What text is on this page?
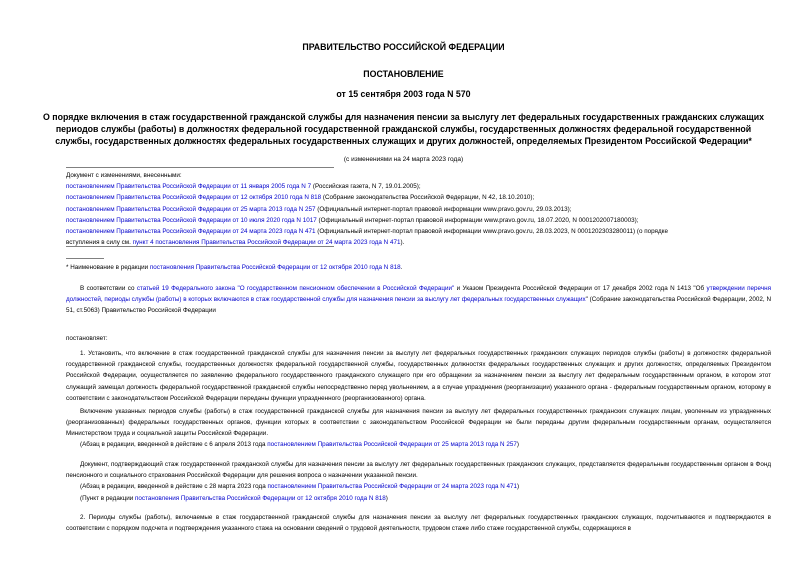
ПРАВИТЕЛЬСТВО РОССИЙСКОЙ ФЕДЕРАЦИИ
ПОСТАНОВЛЕНИЕ
от 15 сентября 2003 года N 570
О порядке включения в стаж государственной гражданской службы для назначения пенсии за выслугу лет федеральных государственных гражданских служащих периодов службы (работы) в должностях федеральной государственной гражданской службы, государственных должностях федеральной государственной службы, государственных должностях федеральных государственных служащих и других должностей, определяемых Президентом Российской Федерации*
(с изменениями на 24 марта 2023 года)
Документ с изменениями, внесенными:
постановлением Правительства Российской Федерации от 11 января 2005 года N 7 (Российская газета, N 7, 19.01.2005);
постановлением Правительства Российской Федерации от 12 октября 2010 года N 818 (Собрание законодательства Российской Федерации, N 42, 18.10.2010);
постановлением Правительства Российской Федерации от 25 марта 2013 года N 257 (Официальный интернет-портал правовой информации www.pravo.gov.ru, 29.03.2013);
постановлением Правительства Российской Федерации от 10 июля 2020 года N 1017 (Официальный интернет-портал правовой информации www.pravo.gov.ru, 18.07.2020, N 0001202007180003);
постановлением Правительства Российской Федерации от 24 марта 2023 года N 471 (Официальный интернет-портал правовой информации www.pravo.gov.ru, 28.03.2023, N 0001202303280011) (о порядке
вступления в силу см. пункт 4 постановления Правительства Российской Федерации от 24 марта 2023 года N 471).
* Наименование в редакции постановления Правительства Российской Федерации от 12 октября 2010 года N 818.
В соответствии со статьей 19 Федерального закона "О государственном пенсионном обеспечении в Российской Федерации" и Указом Президента Российской Федерации от 17 декабря 2002 года N 1413 "Об утверждении перечня должностей, периоды службы (работы) в которых включаются в стаж государственной службы для назначения пенсии за выслугу лет федеральных государственных служащих" (Собрание законодательства Российской Федерации, 2002, N 51, ст.5063) Правительство Российской Федерации
постановляет:
1. Установить, что включение в стаж государственной гражданской службы для назначения пенсии за выслугу лет федеральных государственных гражданских служащих периодов службы (работы) в должностях федеральной государственной гражданской службы, государственных должностях федеральной государственной службы, государственных должностях федеральных государственных служащих и других должностях, определяемых Президентом Российской Федерации, осуществляется по заявлению федерального государственного гражданского служащего при его обращении за назначением пенсии за выслугу лет федеральным государственным органом, в котором этот служащий замещал должность федеральной государственной гражданской службы непосредственно перед увольнением, а в случае упразднения (реорганизации) указанного органа - федеральным государственным органом, которому в соответствии с законодательством Российской Федерации переданы функции упраздненного (реорганизованного) органа.
Включение указанных периодов службы (работы) в стаж государственной гражданской службы для назначения пенсии за выслугу лет федеральных государственных гражданских служащих лицам, уволенным из упраздненных (реорганизованных) федеральных государственных органов, функции которых в соответствии с законодательством Российской Федерации не были переданы другим федеральным государственным органам, осуществляется Министерством труда и социальной защиты Российской Федерации.
(Абзац в редакции, введенной в действие с 6 апреля 2013 года постановлением Правительства Российской Федерации от 25 марта 2013 года N 257)
Документ, подтверждающий стаж государственной гражданской службы для назначения пенсии за выслугу лет федеральных государственных гражданских служащих, представляется федеральным государственным органом в Фонд пенсионного и социального страхования Российской Федерации для решения вопроса о назначении указанной пенсии.
(Абзац в редакции, введенной в действие с 28 марта 2023 года постановлением Правительства Российской Федерации от 24 марта 2023 года N 471)
(Пункт в редакции постановления Правительства Российской Федерации от 12 октября 2010 года N 818)
2. Периоды службы (работы), включаемые в стаж государственной гражданской службы для назначения пенсии за выслугу лет федеральных государственных гражданских служащих, подсчитываются и подтверждаются в соответствии с порядком подсчета и подтверждения указанного стажа на основании сведений о трудовой деятельности, трудовом стаже либо стаже государственной службы, содержащихся в
